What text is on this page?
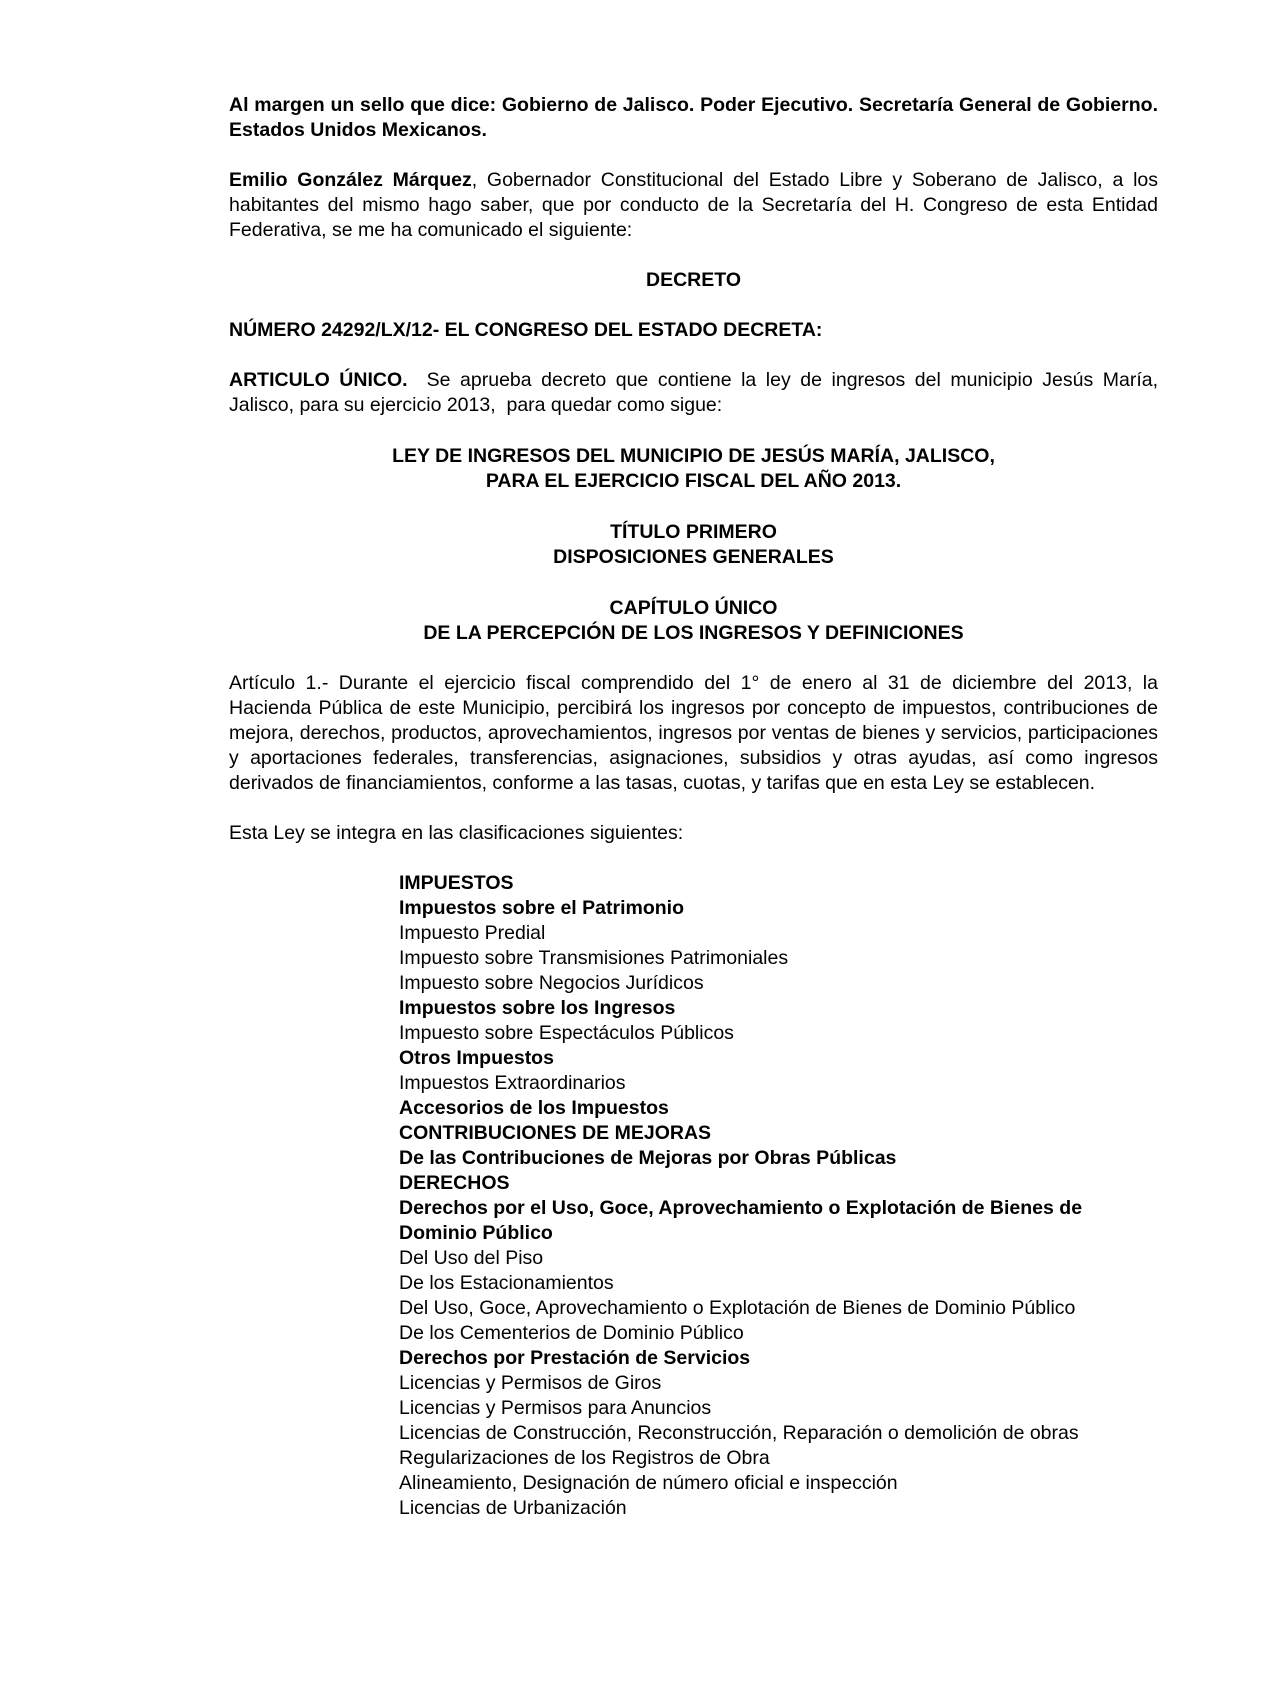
Al margen un sello que dice: Gobierno de Jalisco. Poder Ejecutivo. Secretaría General de Gobierno. Estados Unidos Mexicanos.

Emilio González Márquez, Gobernador Constitucional del Estado Libre y Soberano de Jalisco, a los habitantes del mismo hago saber, que por conducto de la Secretaría del H. Congreso de esta Entidad Federativa, se me ha comunicado el siguiente:

DECRETO

NÚMERO 24292/LX/12- EL CONGRESO DEL ESTADO DECRETA:

ARTICULO ÚNICO.  Se aprueba decreto que contiene la ley de ingresos del municipio Jesús María,  Jalisco, para su ejercicio 2013,  para quedar como sigue:

LEY DE INGRESOS DEL MUNICIPIO DE JESÚS MARÍA, JALISCO,

PARA EL EJERCICIO FISCAL DEL AÑO 2013.

TÍTULO PRIMERO

DISPOSICIONES GENERALES

CAPÍTULO ÚNICO

DE LA PERCEPCIÓN DE LOS INGRESOS Y DEFINICIONES

Artículo 1.- Durante el ejercicio fiscal comprendido del 1° de enero al 31 de diciembre del 2013, la Hacienda Pública de este Municipio, percibirá los ingresos por concepto de impuestos, contribuciones de mejora, derechos, productos, aprovechamientos, ingresos por ventas de bienes y servicios, participaciones y aportaciones federales, transferencias, asignaciones, subsidios y otras ayudas, así como ingresos derivados de financiamientos, conforme a las tasas, cuotas, y tarifas que en esta Ley se establecen.

Esta Ley se integra en las clasificaciones siguientes:

IMPUESTOS
Impuestos sobre el Patrimonio
Impuesto Predial
Impuesto sobre Transmisiones Patrimoniales
Impuesto sobre Negocios Jurídicos
Impuestos sobre los Ingresos
Impuesto sobre Espectáculos Públicos
Otros Impuestos
Impuestos Extraordinarios
Accesorios de los Impuestos
CONTRIBUCIONES DE MEJORAS
De las Contribuciones de Mejoras por Obras Públicas
DERECHOS
Derechos por el Uso, Goce, Aprovechamiento o Explotación de Bienes de Dominio Público
Del Uso del Piso
De los Estacionamientos
Del Uso, Goce, Aprovechamiento o Explotación de Bienes de Dominio Público
De los Cementerios de Dominio Público
Derechos por Prestación de Servicios
Licencias y Permisos de Giros
Licencias y Permisos para Anuncios
Licencias de Construcción, Reconstrucción, Reparación o demolición de obras
Regularizaciones de los Registros de Obra
Alineamiento, Designación de número oficial e inspección
Licencias de Urbanización
